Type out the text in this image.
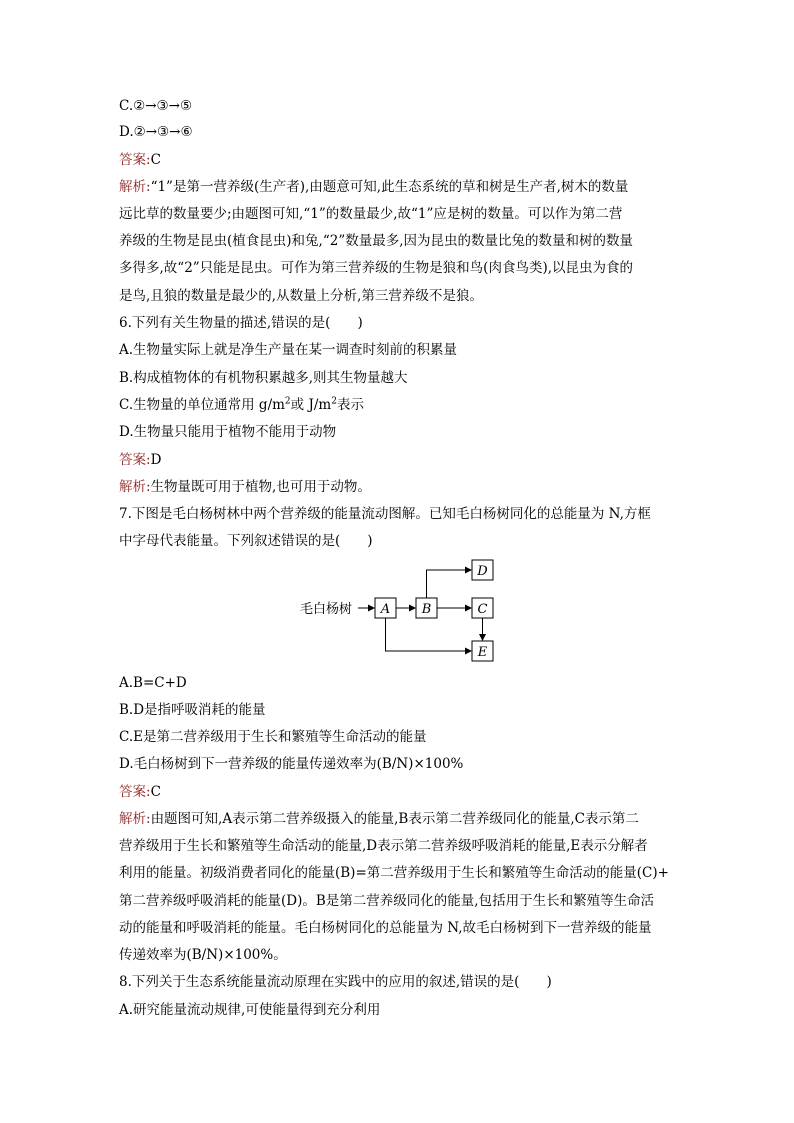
C.②→③→⑤
D.②→③→⑥
答案:C
解析:“1”是第一营养级(生产者),由题意可知,此生态系统的草和树是生产者,树木的数量
远比草的数量要少;由题图可知,“1”的数量最少,故“1”应是树的数量。可以作为第二营
养级的生物是昆虫(植食昆虫)和兔,“2”数量最多,因为昆虫的数量比兔的数量和树的数量
多得多,故“2”只能是昆虫。可作为第三营养级的生物是狼和鸟(肉食鸟类),以昆虫为食的
是鸟,且狼的数量是最少的,从数量上分析,第三营养级不是狼。
6.下列有关生物量的描述,错误的是(　　)
A.生物量实际上就是净生产量在某一调查时刻前的积累量
B.构成植物体的有机物积累越多,则其生物量越大
C.生物量的单位通常用 $g/m^2$或 $J/m^2$表示
D.生物量只能用于植物不能用于动物
答案:D
解析:生物量既可用于植物,也可用于动物。
7.下图是毛白杨树林中两个营养级的能量流动图解。已知毛白杨树同化的总能量为 N,方框
中字母代表能量。下列叙述错误的是(　　)
A.B=C+D
B.D是指呼吸消耗的能量
C.E是第二营养级用于生长和繁殖等生命活动的能量
D.毛白杨树到下一营养级的能量传递效率为(B/N)×100%
答案:C
解析:由题图可知,A表示第二营养级摄入的能量,B表示第二营养级同化的能量,C表示第二
营养级用于生长和繁殖等生命活动的能量,D表示第二营养级呼吸消耗的能量,E表示分解者
利用的能量。初级消费者同化的能量(B)=第二营养级用于生长和繁殖等生命活动的能量(C)+
第二营养级呼吸消耗的能量(D)。B是第二营养级同化的能量,包括用于生长和繁殖等生命活
动的能量和呼吸消耗的能量。毛白杨树同化的总能量为 N,故毛白杨树到下一营养级的能量
传递效率为(B/N)×100%。
8.下列关于生态系统能量流动原理在实践中的应用的叙述,错误的是(　　)
A.研究能量流动规律,可使能量得到充分利用
毛白杨树 A B
D
C
E
